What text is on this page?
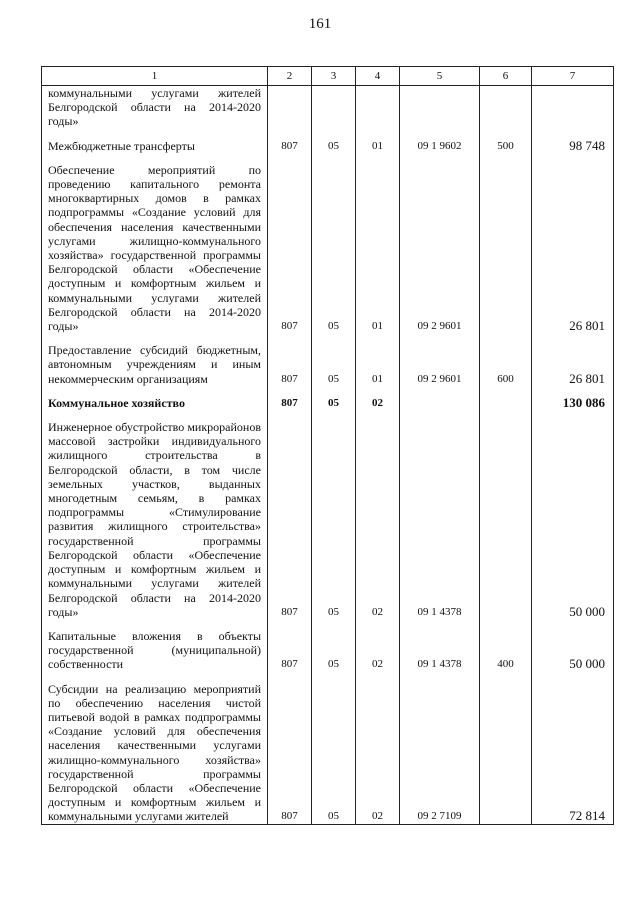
161
1	2	3	4	5	6	7
коммунальными услугами жителей Белгородской области на 2014-2020 годы»						

Межбюджетные трансферты	807	05	01	09 1 9602	500	98 748

Обеспечение мероприятий по проведению капитального ремонта многоквартирных домов в рамках подпрограммы «Создание условий для обеспечения населения качественными услугами жилищно-коммунального хозяйства» государственной программы Белгородской области «Обеспечение доступным и комфортным жильем и коммунальными услугами жителей Белгородской области на 2014-2020 годы»	807	05	01	09 2 9601		26 801

Предоставление субсидий бюджетным, автономным учреждениям и иным некоммерческим организациям	807	05	01	09 2 9601	600	26 801

Коммунальное хозяйство	807	05	02			130 086

Инженерное обустройство микрорайонов массовой застройки индивидуального жилищного строительства в Белгородской области, в том числе земельных участков, выданных многодетным семьям, в рамках подпрограммы «Стимулирование развития жилищного строительства» государственной программы Белгородской области «Обеспечение доступным и комфортным жильем и коммунальными услугами жителей Белгородской области на 2014-2020 годы»	807	05	02	09 1 4378		50 000

Капитальные вложения в объекты государственной (муниципальной) собственности	807	05	02	09 1 4378	400	50 000

Субсидии на реализацию мероприятий по обеспечению населения чистой питьевой водой в рамках подпрограммы «Создание условий для обеспечения населения качественными услугами жилищно-коммунального хозяйства» государственной программы Белгородской области «Обеспечение доступным и комфортным жильем и коммунальными услугами жителей	807	05	02	09 2 7109		72 814
